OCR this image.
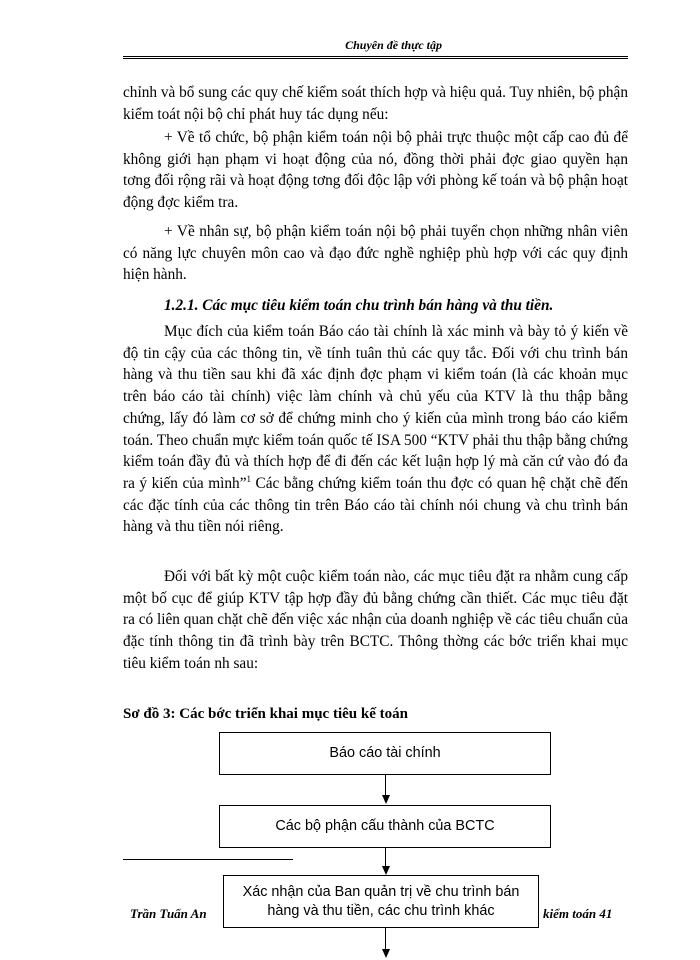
Chuyên đề thực tập

chỉnh và bổ sung các quy chế kiểm soát thích hợp và hiệu quả. Tuy nhiên, bộ phận kiểm toát nội bộ chỉ phát huy tác dụng nếu:

+ Về tổ chức, bộ phận kiểm toán nội bộ phải trực thuộc một cấp cao đủ để không giới hạn phạm vi hoạt động của nó, đồng thời phải đợc giao quyền hạn tơng đối rộng rãi và hoạt động tơng đối độc lập với phòng kế toán và bộ phận hoạt động đợc kiểm tra.

+ Về nhân sự, bộ phận kiểm toán nội bộ phải tuyển chọn những nhân viên có năng lực chuyên môn cao và đạo đức nghề nghiệp phù hợp với các quy định hiện hành.

1.2.1. Các mục tiêu kiểm toán chu trình bán hàng và thu tiền.

Mục đích của kiểm toán Báo cáo tài chính là xác minh và bày tỏ ý kiến về độ tin cậy của các thông tin, về tính tuân thủ các quy tắc. Đối với chu trình bán hàng và thu tiền sau khi đã xác định đợc phạm vi kiểm toán (là các khoản mục trên báo cáo tài chính) việc làm chính và chủ yếu của KTV là thu thập bằng chứng, lấy đó làm cơ sở để chứng minh cho ý kiến của mình trong báo cáo kiểm toán. Theo chuẩn mực kiểm toán quốc tế ISA 500 “KTV phải thu thập bằng chứng kiểm toán đầy đủ và thích hợp để đi đến các kết luận hợp lý mà căn cứ vào đó đa ra ý kiến của mình”$^1$ Các bằng chứng kiểm toán thu đợc có quan hệ chặt chẽ đến các đặc tính của các thông tin trên Báo cáo tài chính nói chung và chu trình bán hàng và thu tiền nói riêng.

Đối với bất kỳ một cuộc kiểm toán nào, các mục tiêu đặt ra nhằm cung cấp một bố cục để giúp KTV tập hợp đầy đủ bằng chứng cần thiết. Các mục tiêu đặt ra có liên quan chặt chẽ đến việc xác nhận của doanh nghiệp về các tiêu chuẩn của đặc tính thông tin đã trình bày trên BCTC. Thông thờng các bớc triển khai mục tiêu kiểm toán nh sau:

Sơ đồ 3: Các bớc triển khai mục tiêu kế toán

Báo cáo tài chính
Các bộ phận cấu thành của BCTC
Trần Tuấn An	kiểm toán 41
Xác nhận của Ban quản trị về chu trình bán hàng và thu tiền, các chu trình khác
